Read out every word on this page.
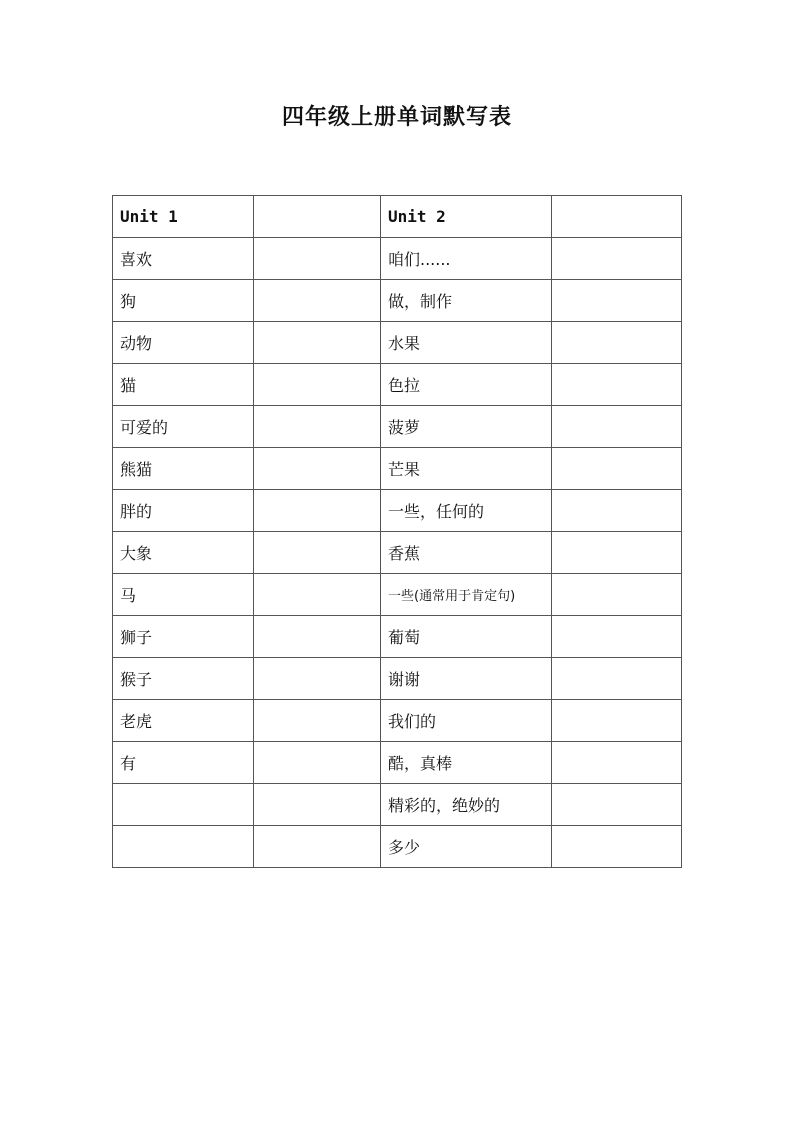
四年级上册单词默写表
Unit 1		Unit 2	
喜欢		咱们......	
狗		做，制作	
动物		水果	
猫		色拉	
可爱的		菠萝	
熊猫		芒果	
胖的		一些，任何的	
大象		香蕉	
马		一些(通常用于肯定句)	
狮子		葡萄	
猴子		谢谢	
老虎		我们的	
有		酷，真棒	
		精彩的，绝妙的	
		多少	
